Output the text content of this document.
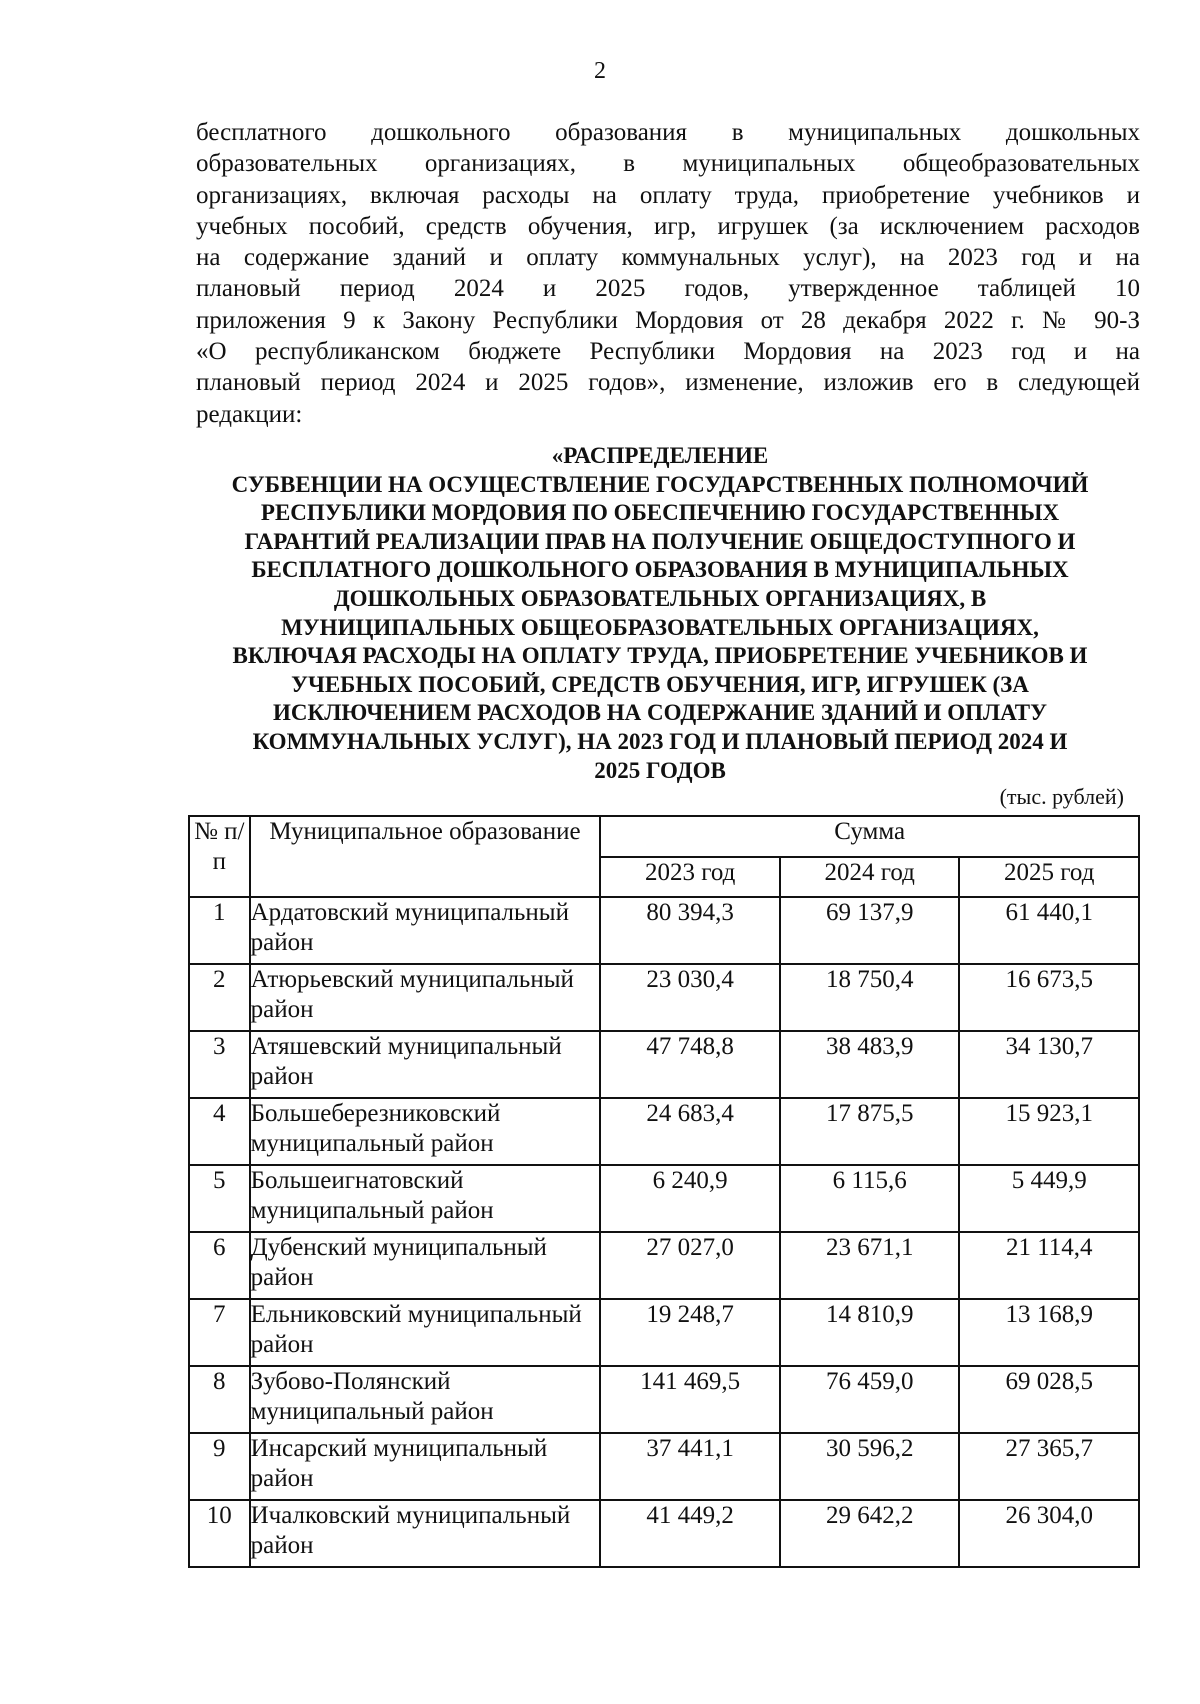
2
бесплатного дошкольного образования в муниципальных дошкольных
образовательных организациях, в муниципальных общеобразовательных
организациях, включая расходы на оплату труда, приобретение учебников и
учебных пособий, средств обучения, игр, игрушек (за исключением расходов
на содержание зданий и оплату коммунальных услуг), на 2023 год и на
плановый период 2024 и 2025 годов, утвержденное таблицей 10
приложения 9 к Закону Республики Мордовия от 28 декабря 2022 г. № 90-З
«О республиканском бюджете Республики Мордовия на 2023 год и на
плановый период 2024 и 2025 годов», изменение, изложив его в следующей
редакции:
«РАСПРЕДЕЛЕНИЕ
СУБВЕНЦИИ НА ОСУЩЕСТВЛЕНИЕ ГОСУДАРСТВЕННЫХ ПОЛНОМОЧИЙ
РЕСПУБЛИКИ МОРДОВИЯ ПО ОБЕСПЕЧЕНИЮ ГОСУДАРСТВЕННЫХ
ГАРАНТИЙ РЕАЛИЗАЦИИ ПРАВ НА ПОЛУЧЕНИЕ ОБЩЕДОСТУПНОГО И
БЕСПЛАТНОГО ДОШКОЛЬНОГО ОБРАЗОВАНИЯ В МУНИЦИПАЛЬНЫХ
ДОШКОЛЬНЫХ ОБРАЗОВАТЕЛЬНЫХ ОРГАНИЗАЦИЯХ, В
МУНИЦИПАЛЬНЫХ ОБЩЕОБРАЗОВАТЕЛЬНЫХ ОРГАНИЗАЦИЯХ,
ВКЛЮЧАЯ РАСХОДЫ НА ОПЛАТУ ТРУДА, ПРИОБРЕТЕНИЕ УЧЕБНИКОВ И
УЧЕБНЫХ ПОСОБИЙ, СРЕДСТВ ОБУЧЕНИЯ, ИГР, ИГРУШЕК (ЗА
ИСКЛЮЧЕНИЕМ РАСХОДОВ НА СОДЕРЖАНИЕ ЗДАНИЙ И ОПЛАТУ
КОММУНАЛЬНЫХ УСЛУГ), НА 2023 ГОД И ПЛАНОВЫЙ ПЕРИОД 2024 И
2025 ГОДОВ
(тыс. рублей)
№ п/п	Муниципальное образование	Сумма		
		2023 год	2024 год	2025 год
1	Ардатовский муниципальный район	80 394,3	69 137,9	61 440,1
2	Атюрьевский муниципальный район	23 030,4	18 750,4	16 673,5
3	Атяшевский муниципальный район	47 748,8	38 483,9	34 130,7
4	Большеберезниковский муниципальный район	24 683,4	17 875,5	15 923,1
5	Большеигнатовский муниципальный район	6 240,9	6 115,6	5 449,9
6	Дубенский муниципальный район	27 027,0	23 671,1	21 114,4
7	Ельниковский муниципальный район	19 248,7	14 810,9	13 168,9
8	Зубово-Полянский муниципальный район	141 469,5	76 459,0	69 028,5
9	Инсарский муниципальный район	37 441,1	30 596,2	27 365,7
10	Ичалковский муниципальный район	41 449,2	29 642,2	26 304,0
